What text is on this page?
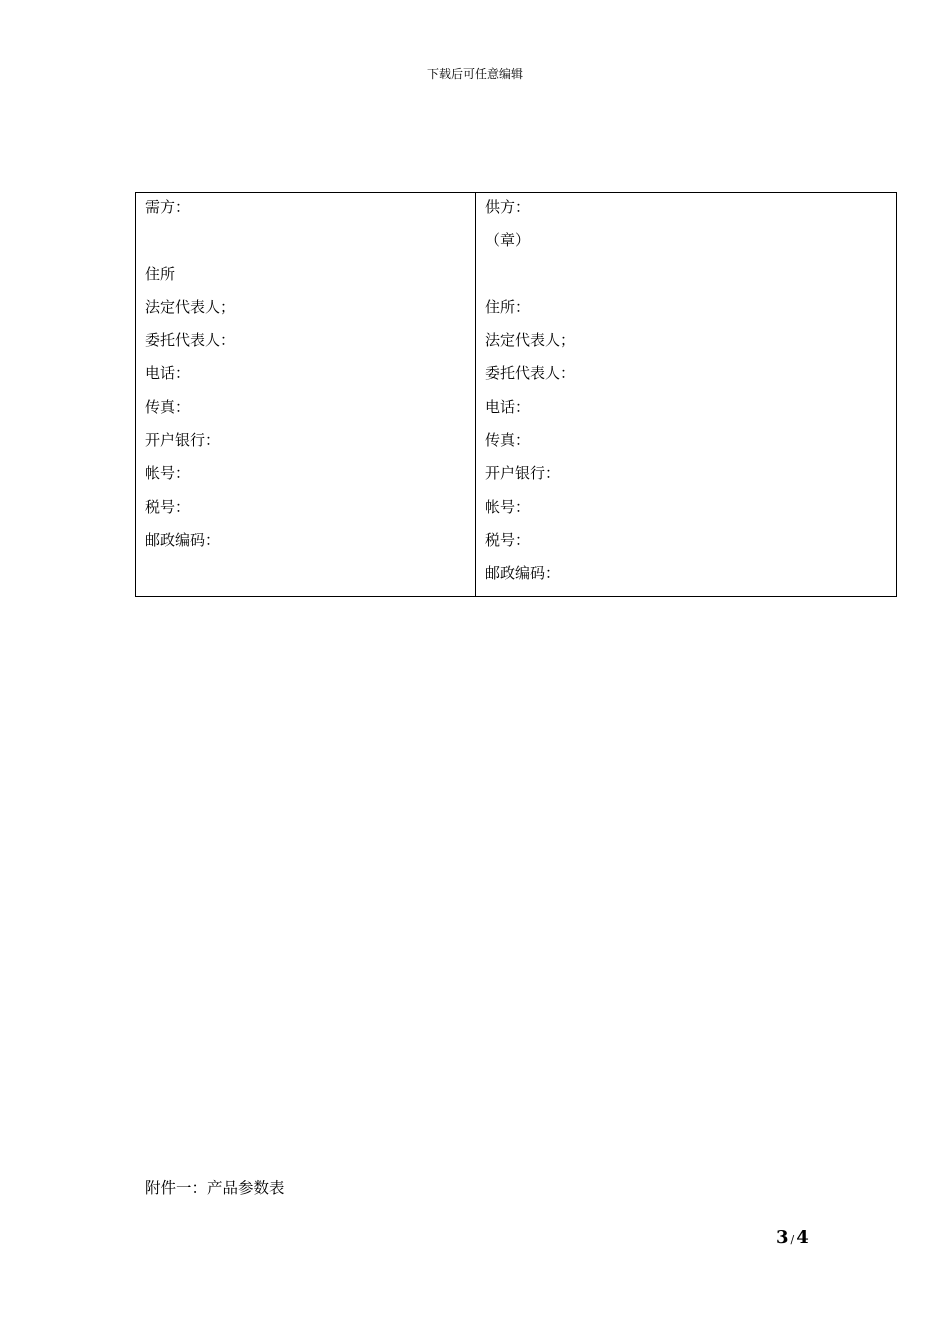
下载后可任意编辑
需方：
住所
法定代表人；
委托代表人：
电话：
传真：
开户银行：
帐号：
税号：
邮政编码：

供方：
（章）
住所：
法定代表人；
委托代表人：
电话：
传真：
开户银行：
帐号：
税号：
邮政编码：
附件一：产品参数表
3 / 4
